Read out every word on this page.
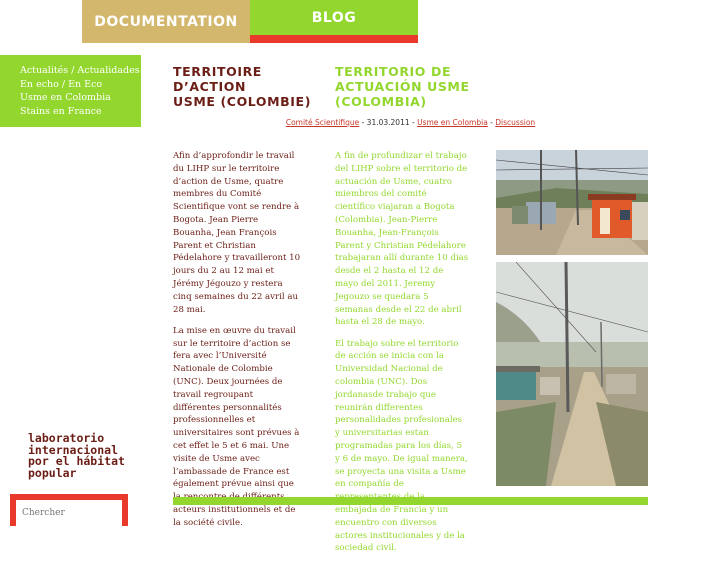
DOCUMENTATION	BLOG
Actualités / Actualidades
En echo / En Eco
Usme en Colombia
Stains en France
TERRITOIRE
D’ACTION
USME (COLOMBIE)
TERRITORIO DE
ACTUACIÓN USME
(COLOMBIA)
Comité Scientifique - 31.03.2011 - Usme en Colombia - Discussion

Afin d’approfondir le travail du LIHP sur le territoire d’action de Usme, quatre membres du Comité Scientifique vont se rendre à Bogota. Jean Pierre Bouanha, Jean François Parent et Christian Pédelahore y travailleront 10 jours du 2 au 12 mai et Jérémy Jégouzo y restera cinq semaines du 22 avril au 28 mai.

La mise en œuvre du travail sur le territoire d’action se fera avec l’Université Nationale de Colombie (UNC). Deux journées de travail regroupant différentes personnalités professionnelles et universitaires sont prévues à cet effet le 5 et 6 mai. Une visite de Usme avec l’ambassade de France est également prévue ainsi que acteurs institutionnels et de la société civile.

A fin de profundizar el trabajo del LIHP sobre el territorio de actuación de Usme, cuatro miembros del comité científico viajaran a Bogota (Colombia). Jean-Pierre Bouanha, Jean-François Parent y Christian Pédelahore trabajaran allí durante 10 dias desde el 2 hasta el 12 de mayo del 2011. Jeremy Jegouzo se quedara 5 semanas desde el 22 de abril hasta el 28 de mayo.

El trabajo sobre el territorio de acción se inicia con la Universidad Nacional de colombia (UNC). Dos jordanasde trabajo que reunirán differentes personalidades profesionales y universitarias estan programadas para los días, 5 y 6 de mayo. De igual manera, se proyecta una visita a Usme en compañía de embajada de Francia y un encuentro con diversos actores institucionales y de la sociedad civil.

laboratorio
internacional
por el hábitat
popular
Chercher
